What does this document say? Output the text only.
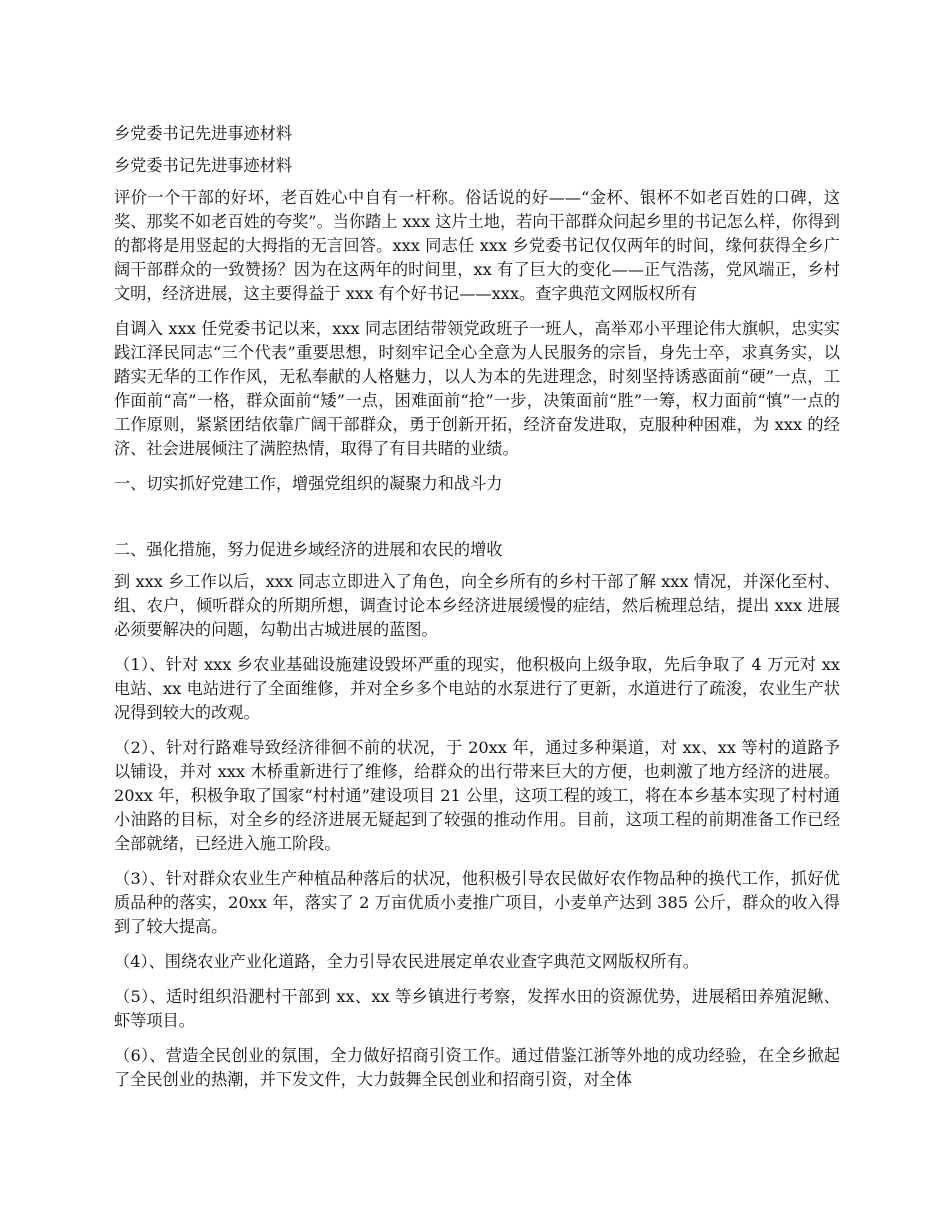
乡党委书记先进事迹材料
乡党委书记先进事迹材料

评价一个干部的好坏，老百姓心中自有一杆称。俗话说的好——“金杯、银杯不如老百姓的口碑，这奖、那奖不如老百姓的夸奖”。当你踏上 xxx 这片土地，若向干部群众问起乡里的书记怎么样，你得到的都将是用竖起的大拇指的无言回答。xxx 同志任 xxx 乡党委书记仅仅两年的时间，缘何获得全乡广阔干部群众的一致赞扬？因为在这两年的时间里，xx 有了巨大的变化——正气浩荡，党风端正，乡村文明，经济进展，这主要得益于 xxx 有个好书记——xxx。查字典范文网版权所有

自调入 xxx 任党委书记以来，xxx 同志团结带领党政班子一班人，高举邓小平理论伟大旗帜，忠实实践江泽民同志“三个代表”重要思想，时刻牢记全心全意为人民服务的宗旨，身先士卒，求真务实，以踏实无华的工作作风，无私奉献的人格魅力，以人为本的先进理念，时刻坚持诱惑面前“硬”一点，工作面前“高”一格，群众面前“矮”一点，困难面前“抢”一步，决策面前“胜”一筹，权力面前“慎”一点的工作原则，紧紧团结依靠广阔干部群众，勇于创新开拓，经济奋发进取，克服种种困难，为 xxx 的经济、社会进展倾注了满腔热情，取得了有目共睹的业绩。

一、切实抓好党建工作，增强党组织的凝聚力和战斗力
二、强化措施，努力促进乡域经济的进展和农民的增收

到 xxx 乡工作以后，xxx 同志立即进入了角色，向全乡所有的乡村干部了解 xxx 情况，并深化至村、组、农户，倾听群众的所期所想，调查讨论本乡经济进展缓慢的症结，然后梳理总结，提出 xxx 进展必须要解决的问题，勾勒出古城进展的蓝图。

（1）、针对 xxx 乡农业基础设施建设毁坏严重的现实，他积极向上级争取，先后争取了 4 万元对 xx 电站、xx 电站进行了全面维修，并对全乡多个电站的水泵进行了更新，水道进行了疏浚，农业生产状况得到较大的改观。

（2）、针对行路难导致经济徘徊不前的状况，于 20xx 年，通过多种渠道，对 xx、xx 等村的道路予以铺设，并对 xxx 木桥重新进行了维修，给群众的出行带来巨大的方便，也刺激了地方经济的进展。20xx 年，积极争取了国家“村村通”建设项目 21 公里，这项工程的竣工，将在本乡基本实现了村村通小油路的目标，对全乡的经济进展无疑起到了较强的推动作用。目前，这项工程的前期准备工作已经全部就绪，已经进入施工阶段。

（3）、针对群众农业生产种植品种落后的状况，他积极引导农民做好农作物品种的换代工作，抓好优质品种的落实，20xx 年，落实了 2 万亩优质小麦推广项目，小麦单产达到 385 公斤，群众的收入得到了较大提高。

（4）、围绕农业产业化道路，全力引导农民进展定单农业查字典范文网版权所有。

（5）、适时组织沿淝村干部到 xx、xx 等乡镇进行考察，发挥水田的资源优势，进展稻田养殖泥鳅、虾等项目。

（6）、营造全民创业的氛围，全力做好招商引资工作。通过借鉴江浙等外地的成功经验，在全乡掀起了全民创业的热潮，并下发文件，大力鼓舞全民创业和招商引资，对全体
